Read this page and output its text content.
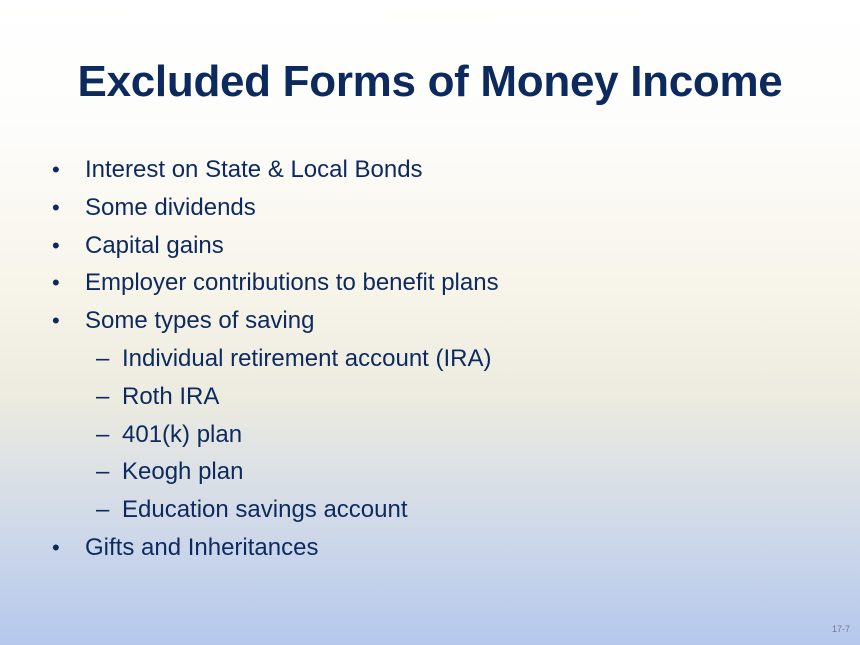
Excluded Forms of Money Income
• Interest on State & Local Bonds
• Some dividends
• Capital gains
• Employer contributions to benefit plans
• Some types of saving
– Individual retirement account (IRA)
– Roth IRA
– 401(k) plan
– Keogh plan
– Education savings account
• Gifts and Inheritances
17-7
